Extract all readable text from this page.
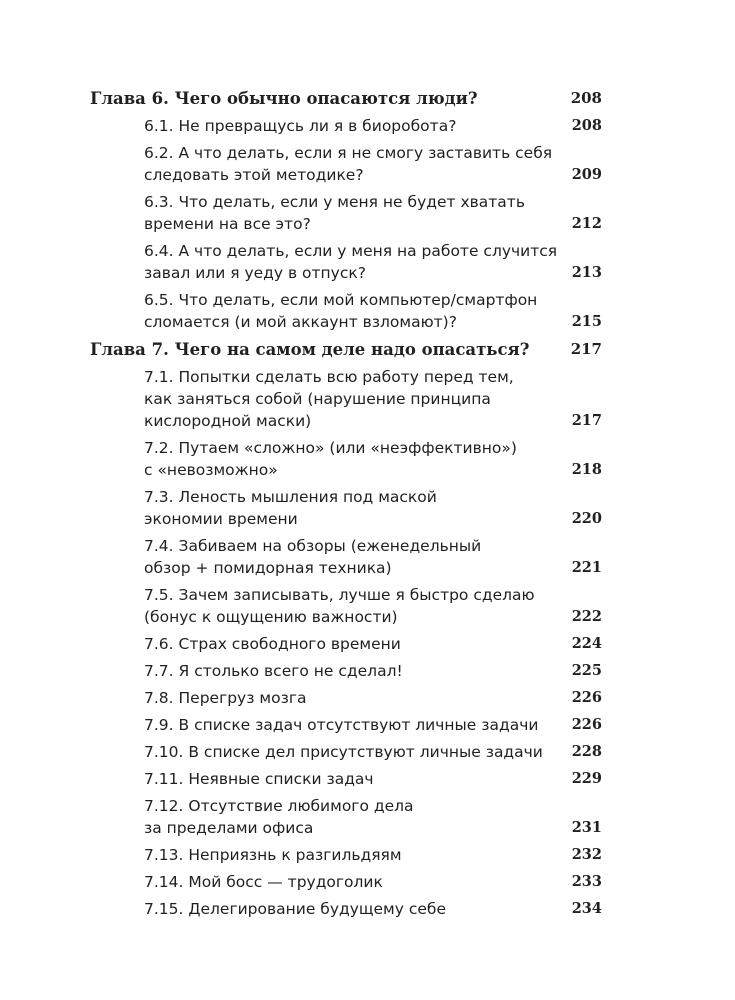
Глава 6. Чего обычно опасаются люди?	208
6.1. Не превращусь ли я в биоробота?	208
6.2. А что делать, если я не смогу заставить себя
следовать этой методике?	209
6.3. Что делать, если у меня не будет хватать
времени на все это?	212
6.4. А что делать, если у меня на работе случится
завал или я уеду в отпуск?	213
6.5. Что делать, если мой компьютер/смартфон
сломается (и мой аккаунт взломают)?	215
Глава 7. Чего на самом деле надо опасаться?	217
7.1. Попытки сделать всю работу перед тем,
как заняться собой (нарушение принципа
кислородной маски)	217
7.2. Путаем «сложно» (или «неэффективно»)
с «невозможно»	218
7.3. Леность мышления под маской
экономии времени	220
7.4. Забиваем на обзоры (еженедельный
обзор + помидорная техника)	221
7.5. Зачем записывать, лучше я быстро сделаю
(бонус к ощущению важности)	222
7.6. Страх свободного времени	224
7.7. Я столько всего не сделал!	225
7.8. Перегруз мозга	226
7.9. В списке задач отсутствуют личные задачи 226
7.10. В списке дел присутствуют личные задачи 228
7.11. Неявные списки задач	229
7.12. Отсутствие любимого дела
за пределами офиса	231
7.13. Неприязнь к разгильдяям	232
7.14. Мой босс — трудоголик	233
7.15. Делегирование будущему себе	234
